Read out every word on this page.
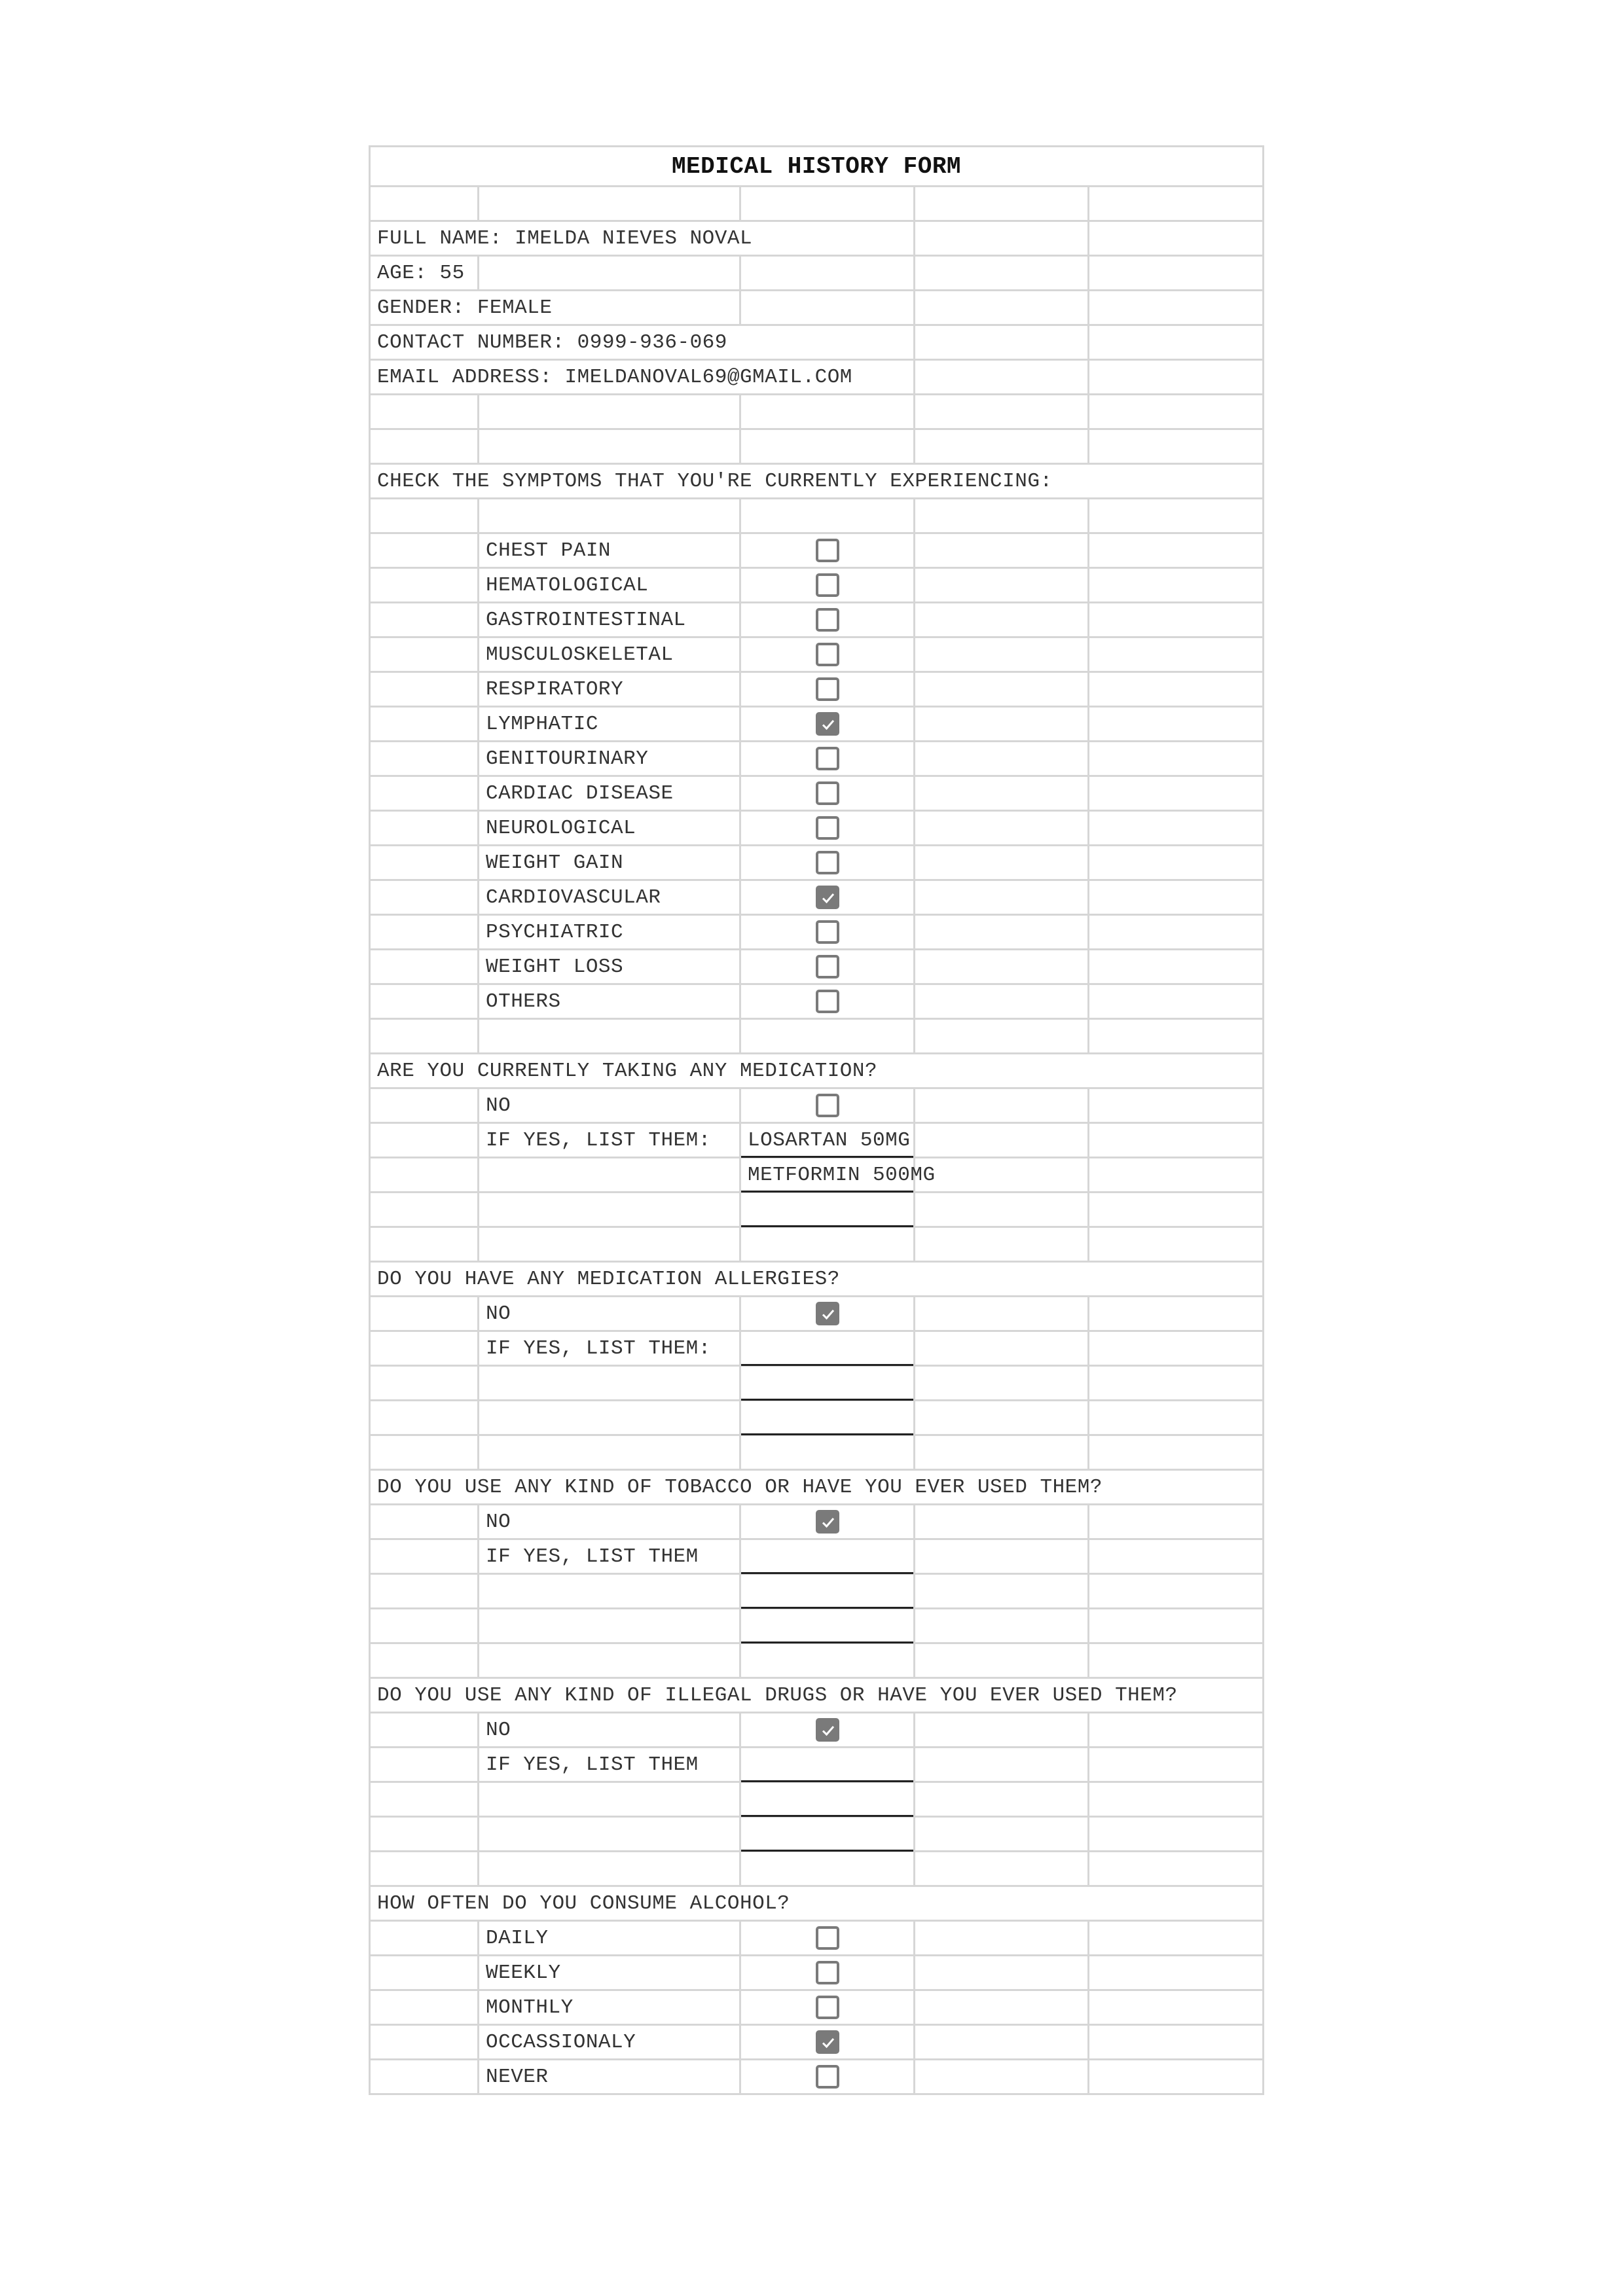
MEDICAL HISTORY FORM				

FULL NAME: IMELDA NIEVES NOVAL				
AGE: 55				
GENDER: FEMALE				
CONTACT NUMBER: 0999-936-069				
EMAIL ADDRESS: IMELDANOVAL69@GMAIL.COM				

CHECK THE SYMPTOMS THAT YOU'RE CURRENTLY EXPERIENCING:				

	CHEST PAIN			
	HEMATOLOGICAL			
	GASTROINTESTINAL			
	MUSCULOSKELETAL			
	RESPIRATORY			
	LYMPHATIC	

	GENITOURINARY			
	CARDIAC DISEASE			
	NEUROLOGICAL			
	WEIGHT GAIN			
	CARDIOVASCULAR	

	PSYCHIATRIC			
	WEIGHT LOSS			
	OTHERS			

ARE YOU CURRENTLY TAKING ANY MEDICATION?				
	NO			
	IF YES, LIST THEM:	LOSARTAN 50MG		
		METFORMIN 500MG		

DO YOU HAVE ANY MEDICATION ALLERGIES?				
	NO	

	IF YES, LIST THEM:			

DO YOU USE ANY KIND OF TOBACCO OR HAVE YOU EVER USED THEM?				
	NO	

	IF YES, LIST THEM			

DO YOU USE ANY KIND OF ILLEGAL DRUGS OR HAVE YOU EVER USED THEM?				
	NO	

	IF YES, LIST THEM			

HOW OFTEN DO YOU CONSUME ALCOHOL?				
	DAILY			
	WEEKLY			
	MONTHLY			
	OCCASSIONALY	

	NEVER			
